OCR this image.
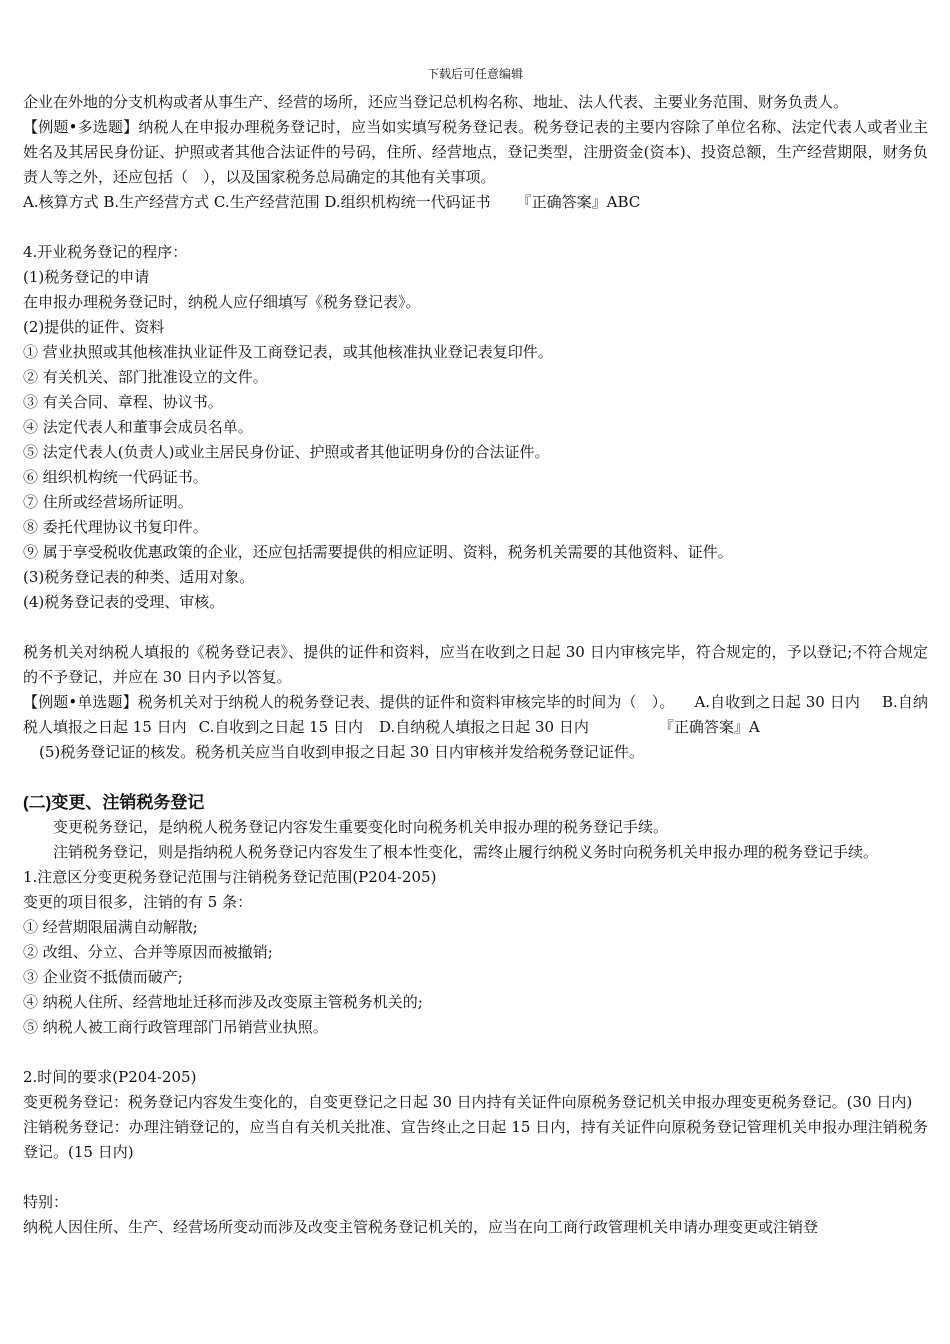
下载后可任意编辑

企业在外地的分支机构或者从事生产、经营的场所，还应当登记总机构名称、地址、法人代表、主要业务范围、财务负责人。

【例题•多选题】纳税人在申报办理税务登记时，应当如实填写税务登记表。税务登记表的主要内容除了单位名称、法定代表人或者业主姓名及其居民身份证、护照或者其他合法证件的号码，住所、经营地点，登记类型，注册资金(资本)、投资总额，生产经营期限，财务负责人等之外，还应包括（　），以及国家税务总局确定的其他有关事项。

A.核算方式 B.生产经营方式 C.生产经营范围 D.组织机构统一代码证书 『正确答案』ABC

4.开业税务登记的程序：

(1)税务登记的申请

在申报办理税务登记时，纳税人应仔细填写《税务登记表》。

(2)提供的证件、资料

① 营业执照或其他核准执业证件及工商登记表，或其他核准执业登记表复印件。

② 有关机关、部门批准设立的文件。

③ 有关合同、章程、协议书。

④ 法定代表人和董事会成员名单。

⑤ 法定代表人(负责人)或业主居民身份证、护照或者其他证明身份的合法证件。

⑥ 组织机构统一代码证书。

⑦ 住所或经营场所证明。

⑧ 委托代理协议书复印件。

⑨ 属于享受税收优惠政策的企业，还应包括需要提供的相应证明、资料，税务机关需要的其他资料、证件。

(3)税务登记表的种类、适用对象。

(4)税务登记表的受理、审核。

税务机关对纳税人填报的《税务登记表》、提供的证件和资料，应当在收到之日起 30 日内审核完毕，符合规定的，予以登记;不符合规定的不予登记，并应在 30 日内予以答复。

【例题•单选题】税务机关对于纳税人的税务登记表、提供的证件和资料审核完毕的时间为（　）。 A.自收到之日起 30 日内 B.自纳税人填报之日起 15 日内 C.自收到之日起 15 日内 D.自纳税人填报之日起 30 日内	『正确答案』A

(5)税务登记证的核发。税务机关应当自收到申报之日起 30 日内审核并发给税务登记证件。

(二)变更、注销税务登记

变更税务登记，是纳税人税务登记内容发生重要变化时向税务机关申报办理的税务登记手续。

注销税务登记，则是指纳税人税务登记内容发生了根本性变化，需终止履行纳税义务时向税务机关申报办理的税务登记手续。

1.注意区分变更税务登记范围与注销税务登记范围(P204-205)

变更的项目很多，注销的有 5 条：

① 经营期限届满自动解散;

② 改组、分立、合并等原因而被撤销;

③ 企业资不抵债而破产;

④ 纳税人住所、经营地址迁移而涉及改变原主管税务机关的;

⑤ 纳税人被工商行政管理部门吊销营业执照。

2.时间的要求(P204-205)

变更税务登记：税务登记内容发生变化的，自变更登记之日起 30 日内持有关证件向原税务登记机关申报办理变更税务登记。(30 日内)

注销税务登记：办理注销登记的，应当自有关机关批准、宣告终止之日起 15 日内，持有关证件向原税务登记管理机关申报办理注销税务登记。(15 日内)

特别：

纳税人因住所、生产、经营场所变动而涉及改变主管税务登记机关的，应当在向工商行政管理机关申请办理变更或注销登
